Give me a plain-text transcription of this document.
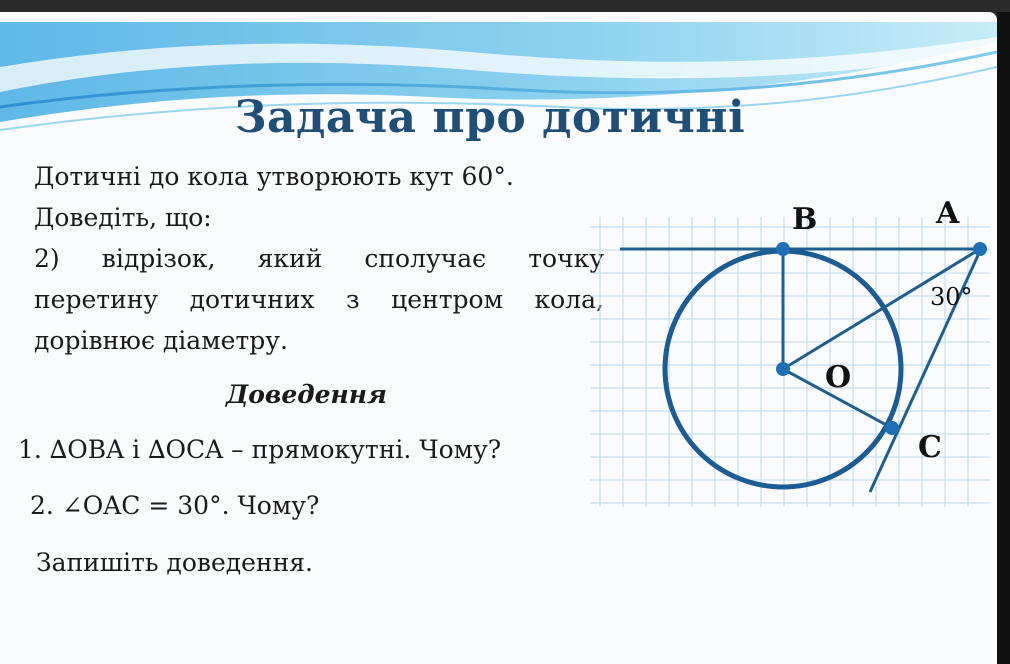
Задача про дотичні
Дотичні до кола утворюють кут 60°.
Доведіть, що:
2) відрізок, який сполучає точку
перетину дотичних з центром кола,
дорівнює діаметру.
Доведення
1. ∆OBA і ∆OCA – прямокутні. Чому?
2. ∠OAC = 30°. Чому?
Запишіть доведення.
B	A
O
C
30°
